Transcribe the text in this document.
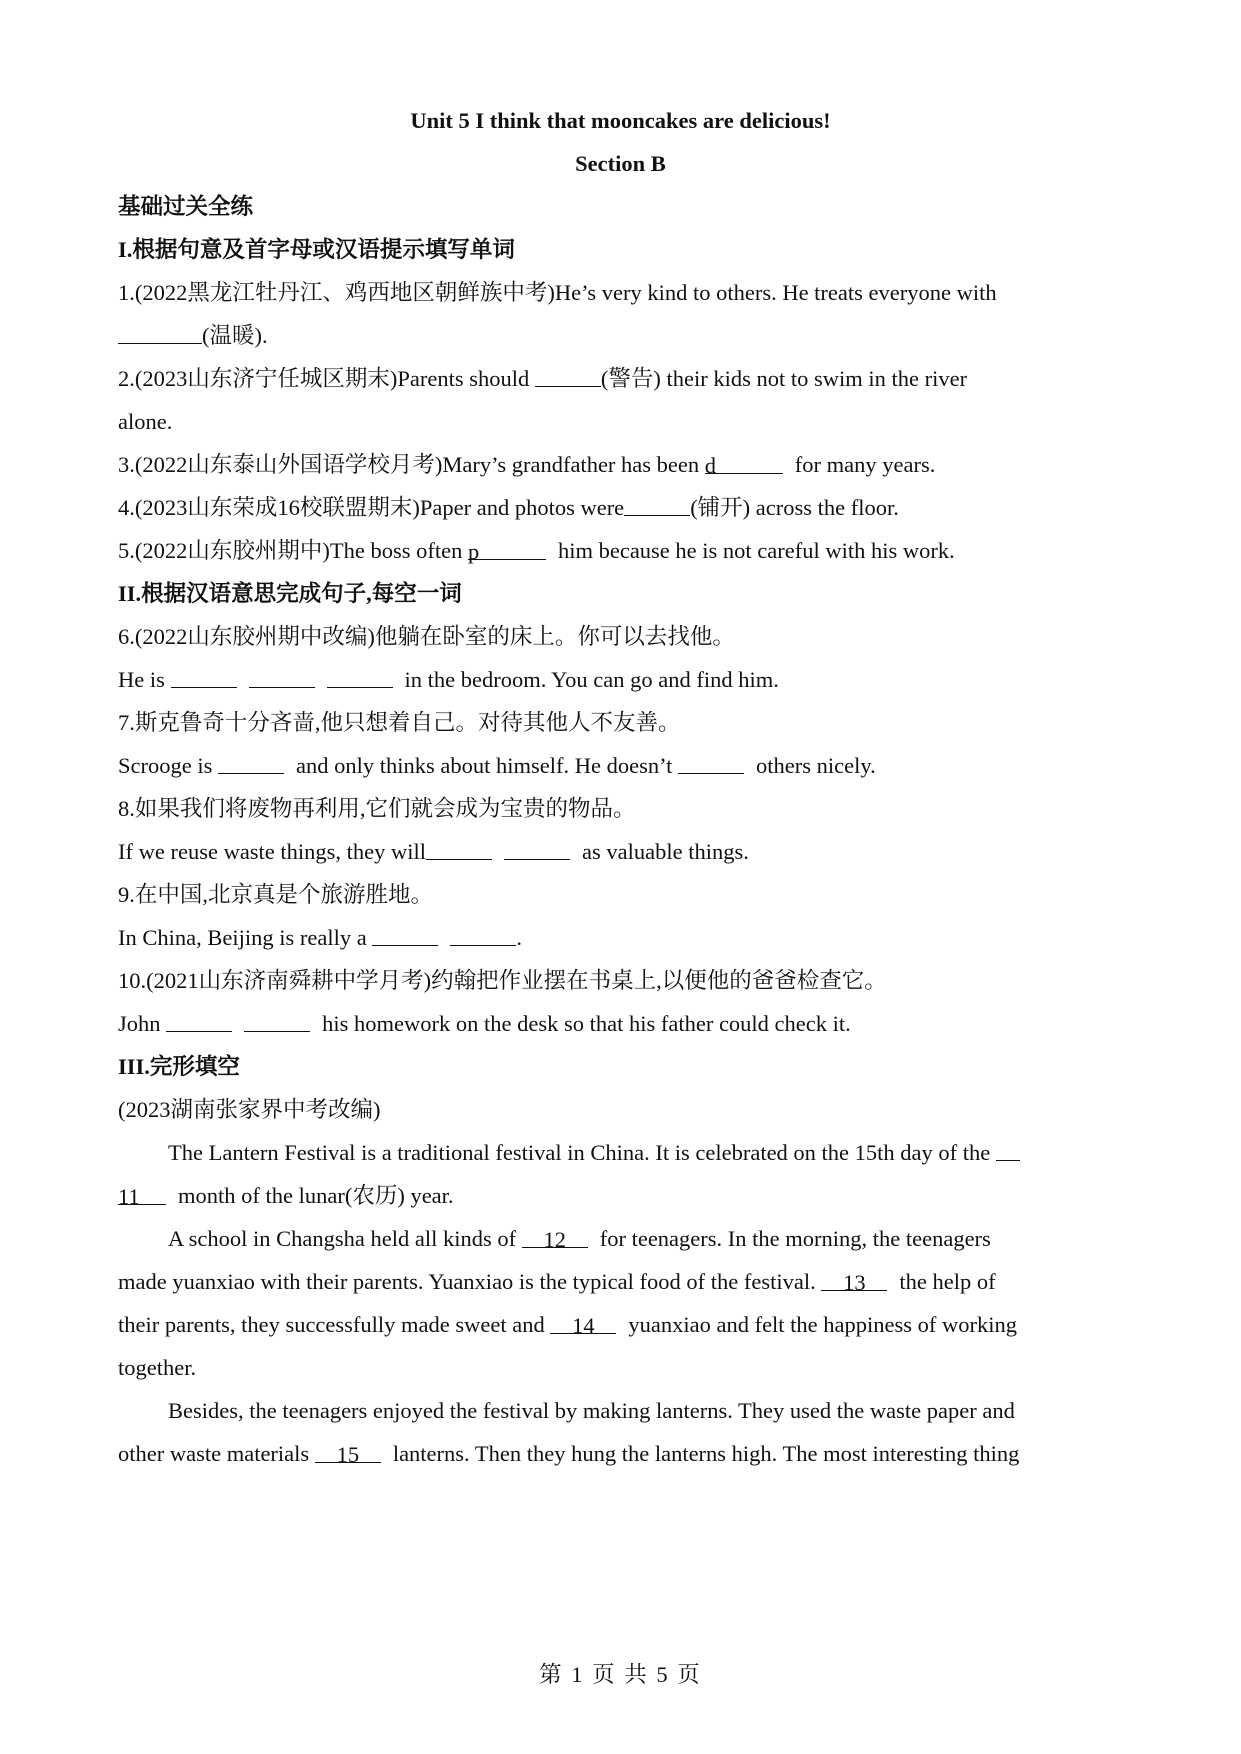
Unit 5 I think that mooncakes are delicious!
Section B
基础过关全练
I.根据句意及首字母或汉语提示填写单词
1.(2022黑龙江牡丹江、鸡西地区朝鲜族中考)He’s very kind to others. He treats everyone with
(温暖).
2.(2023山东济宁任城区期末)Parents should	(警告) their kids not to swim in the river
alone.
3.(2022山东泰山外国语学校月考)Mary’s grandfather has been d	for many years.
4.(2023山东荣成16校联盟期末)Paper and photos were	(铺开) across the floor.
5.(2022山东胶州期中)The boss often p	him because he is not careful with his work.
II.根据汉语意思完成句子,每空一词
6.(2022山东胶州期中改编)他躺在卧室的床上。你可以去找他。
He is	in the bedroom. You can go and find him.
7.斯克鲁奇十分吝啬,他只想着自己。对待其他人不友善。
Scrooge is	and only thinks about himself. He doesn’t	others nicely.
8.如果我们将废物再利用,它们就会成为宝贵的物品。
If we reuse waste things, they will	as valuable things.
9.在中国,北京真是个旅游胜地。
In China, Beijing is really a	.
10.(2021山东济南舜耕中学月考)约翰把作业摆在书桌上,以便他的爸爸检查它。
John	his homework on the desk so that his father could check it.
III.完形填空
(2023湖南张家界中考改编)
The Lantern Festival is a traditional festival in China. It is celebrated on the 15th day of the
11 month of the lunar(农历) year.
A school in Changsha held all kinds of 12 for teenagers. In the morning, the teenagers
made yuanxiao with their parents. Yuanxiao is the typical food of the festival. 13 the help of
their parents, they successfully made sweet and 14 yuanxiao and felt the happiness of working
together.
Besides, the teenagers enjoyed the festival by making lanterns. They used the waste paper and
other waste materials 15 lanterns. Then they hung the lanterns high. The most interesting thing
第 1 页 共 5 页
